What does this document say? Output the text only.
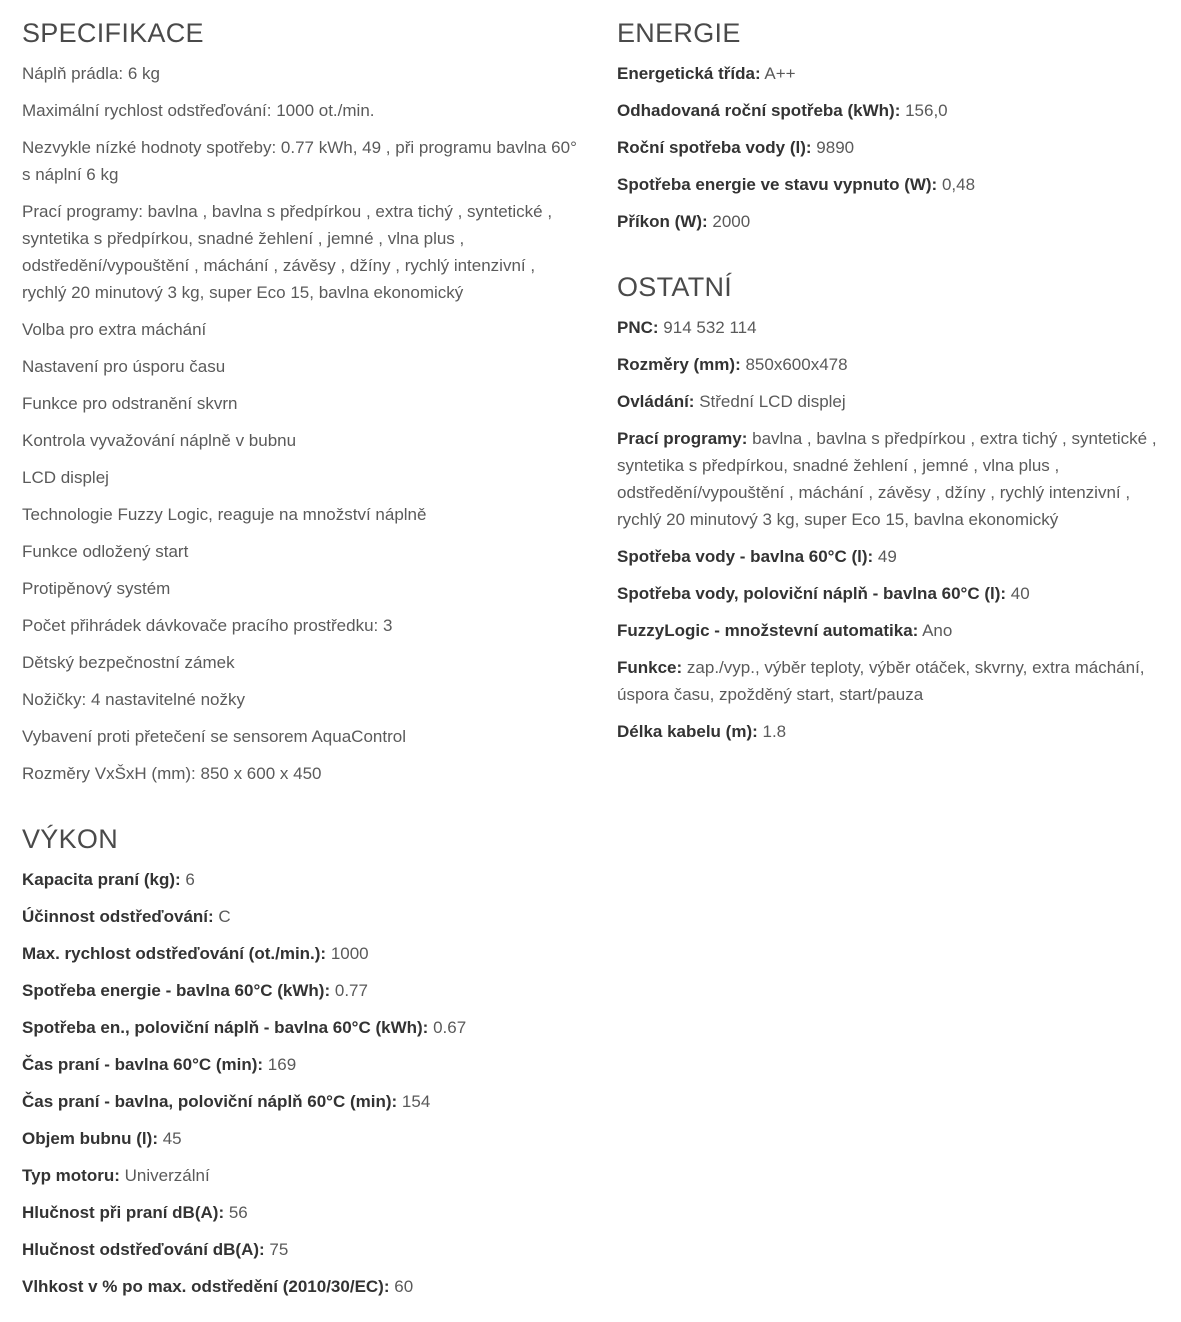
SPECIFIKACE
Náplň prádla: 6 kg
Maximální rychlost odstřeďování: 1000 ot./min.
Nezvykle nízké hodnoty spotřeby: 0.77 kWh, 49 , při programu bavlna 60° s náplní 6 kg
Prací programy: bavlna , bavlna s předpírkou , extra tichý , syntetické , syntetika s předpírkou, snadné žehlení , jemné , vlna plus , odstředění/vypouštění , máchání , závěsy , džíny , rychlý intenzivní , rychlý 20 minutový 3 kg, super Eco 15, bavlna ekonomický
Volba pro extra máchání
Nastavení pro úsporu času
Funkce pro odstranění skvrn
Kontrola vyvažování náplně v bubnu
LCD displej
Technologie Fuzzy Logic, reaguje na množství náplně
Funkce odložený start
Protipěnový systém
Počet přihrádek dávkovače pracího prostředku: 3
Dětský bezpečnostní zámek
Nožičky: 4 nastavitelné nožky
Vybavení proti přetečení se sensorem AquaControl
Rozměry VxŠxH (mm): 850 x 600 x 450
VÝKON
Kapacita praní (kg): 6
Účinnost odstřeďování: C
Max. rychlost odstřeďování (ot./min.): 1000
Spotřeba energie - bavlna 60°C (kWh): 0.77
Spotřeba en., poloviční náplň - bavlna 60°C (kWh): 0.67
Čas praní - bavlna 60°C (min): 169
Čas praní - bavlna, poloviční náplň 60°C (min): 154
Objem bubnu (l): 45
Typ motoru: Univerzální
Hlučnost při praní dB(A): 56
Hlučnost odstřeďování dB(A): 75
Vlhkost v % po max. odstředění (2010/30/EC): 60
ENERGIE
Energetická třída: A++
Odhadovaná roční spotřeba (kWh): 156,0
Roční spotřeba vody (l): 9890
Spotřeba energie ve stavu vypnuto (W): 0,48
Příkon (W): 2000
OSTATNÍ
PNC: 914 532 114
Rozměry (mm): 850x600x478
Ovládání: Střední LCD displej
Prací programy: bavlna , bavlna s předpírkou , extra tichý , syntetické , syntetika s předpírkou, snadné žehlení , jemné , vlna plus , odstředění/vypouštění , máchání , závěsy , džíny , rychlý intenzivní , rychlý 20 minutový 3 kg, super Eco 15, bavlna ekonomický
Spotřeba vody - bavlna 60°C (l): 49
Spotřeba vody, poloviční náplň - bavlna 60°C (l): 40
FuzzyLogic - množstevní automatika: Ano
Funkce: zap./vyp., výběr teploty, výběr otáček, skvrny, extra máchání, úspora času, zpožděný start, start/pauza
Délka kabelu (m): 1.8
